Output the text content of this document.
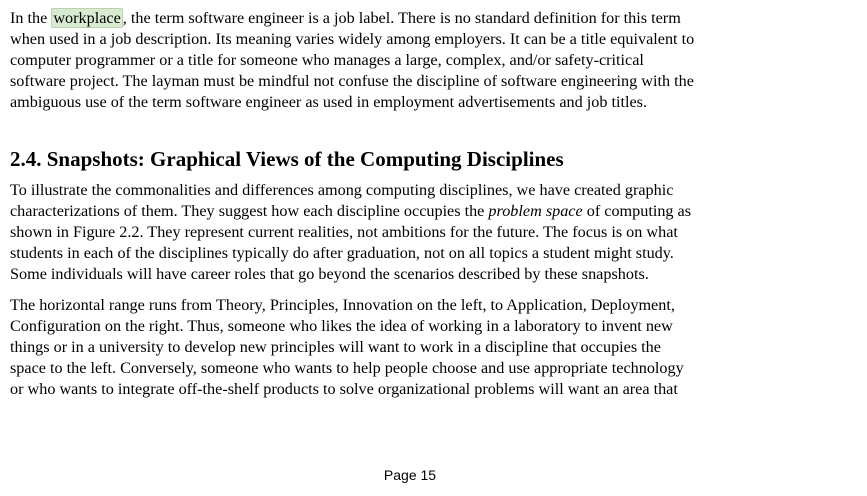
In the workplace , the term software engineer is a job label. There is no standard definition for this term
when used in a job description. Its meaning varies widely among employers. It can be a title equivalent to
computer programmer or a title for someone who manages a large, complex, and/or safety-critical
software project. The layman must be mindful not confuse the discipline of software engineering with the
ambiguous use of the term software engineer as used in employment advertisements and job titles.

2.4. Snapshots: Graphical Views of the Computing Disciplines

To illustrate the commonalities and differences among computing disciplines, we have created graphic
characterizations of them. They suggest how each discipline occupies the problem space of computing as
shown in Figure 2.2. They represent current realities, not ambitions for the future. The focus is on what
students in each of the disciplines typically do after graduation, not on all topics a student might study.
Some individuals will have career roles that go beyond the scenarios described by these snapshots.

The horizontal range runs from Theory, Principles, Innovation on the left, to Application, Deployment,
Configuration on the right. Thus, someone who likes the idea of working in a laboratory to invent new
things or in a university to develop new principles will want to work in a discipline that occupies the
space to the left. Conversely, someone who wants to help people choose and use appropriate technology
or who wants to integrate off-the-shelf products to solve organizational problems will want an area that

Page 15
